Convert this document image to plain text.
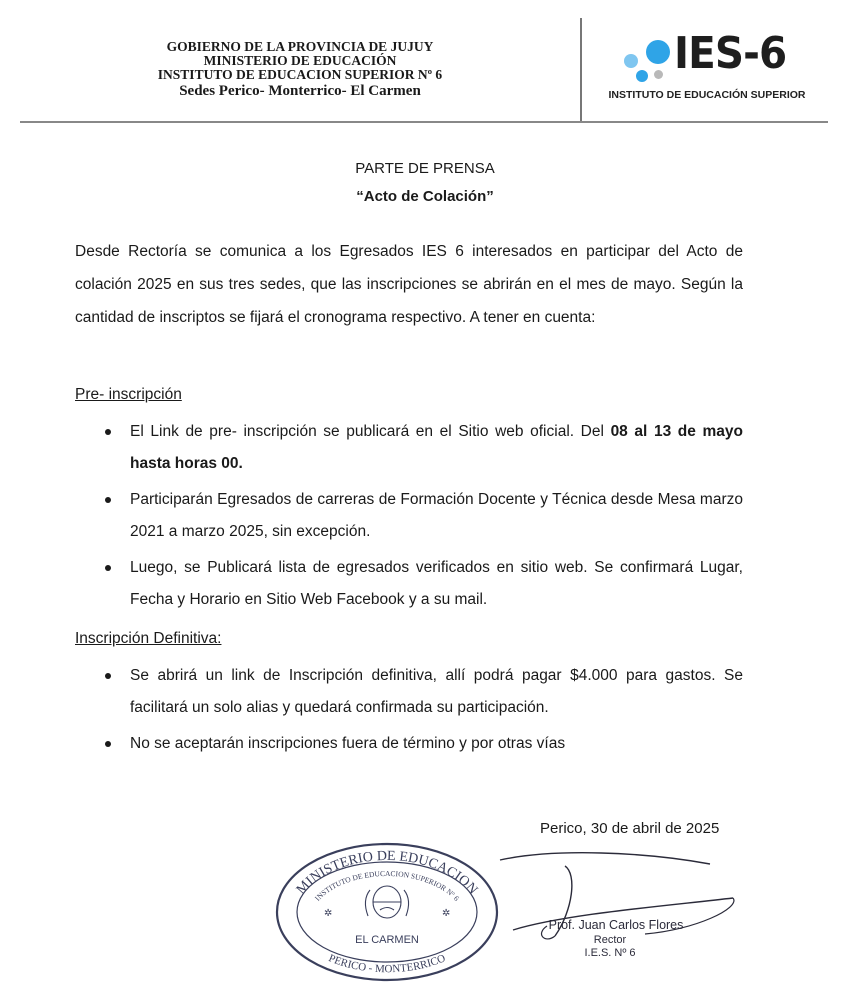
GOBIERNO DE LA PROVINCIA DE JUJUY
MINISTERIO DE EDUCACIÓN
INSTITUTO DE EDUCACION SUPERIOR Nº 6
Sedes Perico- Monterrico- El Carmen
IES-6
INSTITUTO DE EDUCACIÓN SUPERIOR
PARTE DE PRENSA
“Acto de Colación”

Desde Rectoría se comunica a los Egresados IES 6 interesados en participar del Acto de colación 2025 en sus tres sedes, que las inscripciones se abrirán en el mes de mayo. Según la cantidad de inscriptos se fijará el cronograma respectivo. A tener en cuenta:

Pre- inscripción
El Link de pre- inscripción se publicará en el Sitio web oficial. Del 08 al 13 de mayo hasta horas 00.
Participarán Egresados de carreras de Formación Docente y Técnica desde Mesa marzo 2021 a marzo 2025, sin excepción.
Luego, se Publicará lista de egresados verificados en sitio web. Se confirmará Lugar, Fecha y Horario en Sitio Web Facebook y a su mail.
Inscripción Definitiva:
Se abrirá un link de Inscripción definitiva, allí podrá pagar $4.000 para gastos. Se facilitará un solo alias y quedará confirmada su participación.
No se aceptarán inscripciones fuera de término y por otras vías
Perico, 30 de abril de 2025
MINISTERIO DE EDUCACION
INSTITUTO DE EDUCACION SUPERIOR Nº 6
✲	✲
EL CARMEN
PERICO - MONTERRICO
Prof. Juan Carlos Flores
Rector
I.E.S. Nº 6
